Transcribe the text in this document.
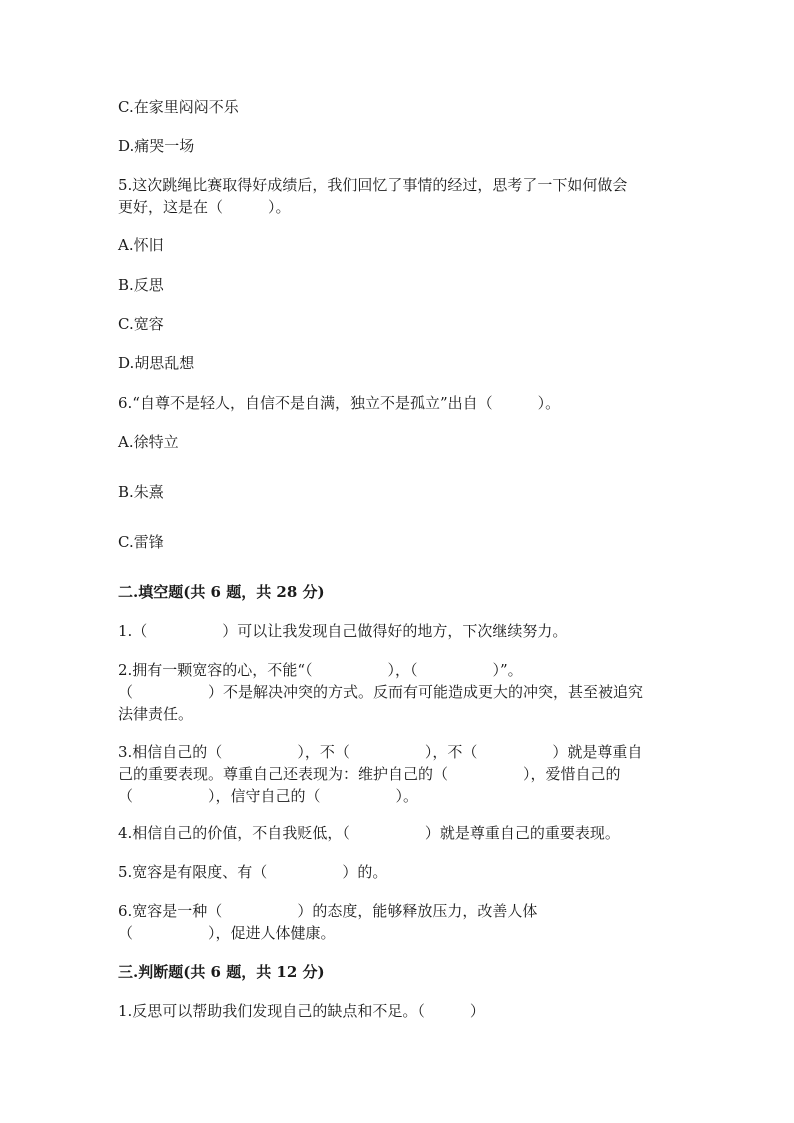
C.在家里闷闷不乐

D.痛哭一场

5.这次跳绳比赛取得好成绩后，我们回忆了事情的经过，思考了一下如何做会

更好，这是在（　　　）。

A.怀旧

B.反思

C.宽容

D.胡思乱想

6.“自尊不是轻人，自信不是自满，独立不是孤立”出自（　　　）。

A.徐特立

B.朱熹

C.雷锋

二.填空题(共 6 题，共 28 分)

1.（　　　　　）可以让我发现自己做得好的地方，下次继续努力。

2.拥有一颗宽容的心，不能“（　　　　　），（　　　　　）”。

（　　　　　）不是解决冲突的方式。反而有可能造成更大的冲突，甚至被追究

法律责任。

3.相信自己的（　　　　　），不（　　　　　），不（　　　　　）就是尊重自

己的重要表现。尊重自己还表现为：维护自己的（　　　　　），爱惜自己的

（　　　　　），信守自己的（　　　　　）。

4.相信自己的价值，不自我贬低，（　　　　　）就是尊重自己的重要表现。

5.宽容是有限度、有（　　　　　）的。

6.宽容是一种（　　　　　）的态度，能够释放压力，改善人体

（　　　　　），促进人体健康。

三.判断题(共 6 题，共 12 分)

1.反思可以帮助我们发现自己的缺点和不足。（　　　）
